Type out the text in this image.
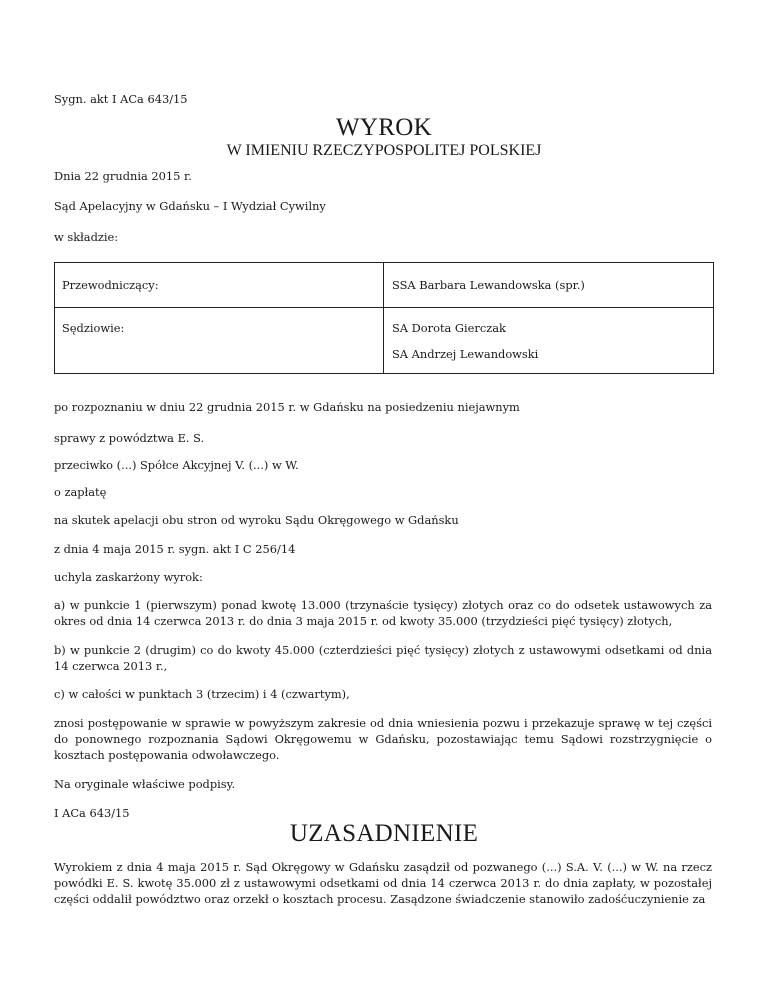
Sygn. akt I ACa 643/15
WYROK
W IMIENIU RZECZYPOSPOLITEJ POLSKIEJ
Dnia 22 grudnia 2015 r.
Sąd Apelacyjny w Gdańsku – I Wydział Cywilny
w składzie:
Przewodniczący:	SSA Barbara Lewandowska (spr.)
Sędziowie:	SA Dorota Gierczak
SA Andrzej Lewandowski
po rozpoznaniu w dniu 22 grudnia 2015 r. w Gdańsku na posiedzeniu niejawnym
sprawy z powództwa E. S.
przeciwko (...) Spółce Akcyjnej V. (...) w W.
o zapłatę
na skutek apelacji obu stron od wyroku Sądu Okręgowego w Gdańsku
z dnia 4 maja 2015 r. sygn. akt I C 256/14
uchyla zaskarżony wyrok:
a) w punkcie 1 (pierwszym) ponad kwotę 13.000 (trzynaście tysięcy) złotych oraz co do odsetek ustawowych za okres od dnia 14 czerwca 2013 r. do dnia 3 maja 2015 r. od kwoty 35.000 (trzydzieści pięć tysięcy) złotych,
b) w punkcie 2 (drugim) co do kwoty 45.000 (czterdzieści pięć tysięcy) złotych z ustawowymi odsetkami od dnia 14 czerwca 2013 r.,
c) w całości w punktach 3 (trzecim) i 4 (czwartym),
znosi postępowanie w sprawie w powyższym zakresie od dnia wniesienia pozwu i przekazuje sprawę w tej części do ponownego rozpoznania Sądowi Okręgowemu w Gdańsku, pozostawiając temu Sądowi rozstrzygnięcie o kosztach postępowania odwoławczego.
Na oryginale właściwe podpisy.
I ACa 643/15
UZASADNIENIE
Wyrokiem z dnia 4 maja 2015 r. Sąd Okręgowy w Gdańsku zasądził od pozwanego (...) S.A. V. (...) w W. na rzecz powódki E. S. kwotę 35.000 zł z ustawowymi odsetkami od dnia 14 czerwca 2013 r. do dnia zapłaty, w pozostałej części oddalił powództwo oraz orzekł o kosztach procesu. Zasądzone świadczenie stanowiło zadośćuczynienie za
